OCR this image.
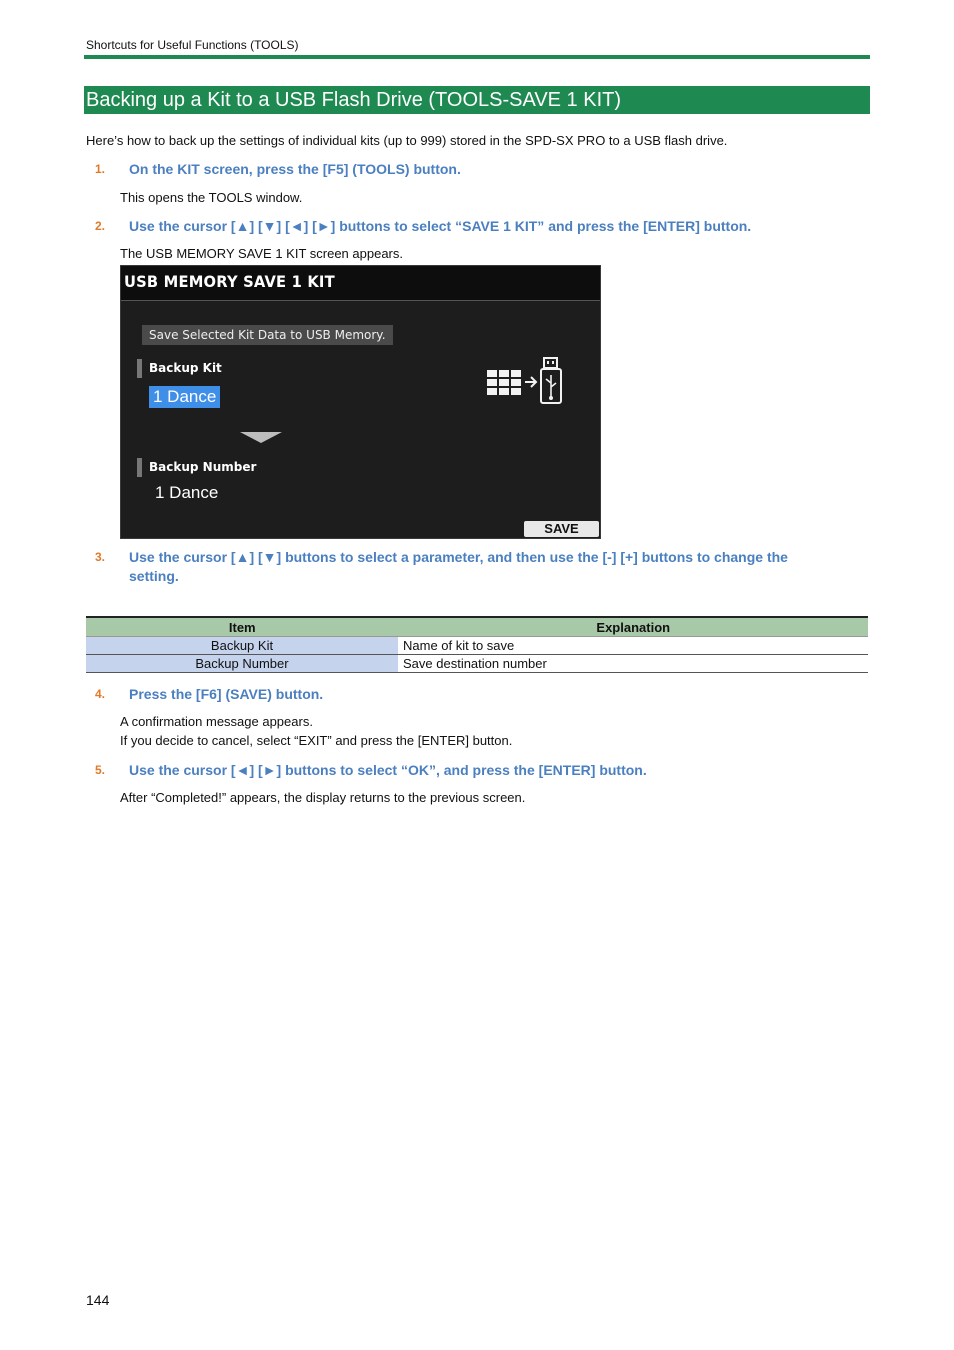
Shortcuts for Useful Functions (TOOLS)
Backing up a Kit to a USB Flash Drive (TOOLS-SAVE 1 KIT)
Here’s how to back up the settings of individual kits (up to 999) stored in the SPD-SX PRO to a USB flash drive.
1. On the KIT screen, press the [F5] (TOOLS) button.
This opens the TOOLS window.
2. Use the cursor [▲] [▼] [◄] [►] buttons to select “SAVE 1 KIT” and press the [ENTER] button.
The USB MEMORY SAVE 1 KIT screen appears.
USB MEMORY SAVE 1 KIT
Save Selected Kit Data to USB Memory.
Backup Kit
1 Dance
Backup Number
1 Dance
SAVE
3. Use the cursor [▲] [▼] buttons to select a parameter, and then use the [-] [+] buttons to change the
setting.
Item	Explanation
Backup Kit	Name of kit to save
Backup Number	Save destination number
4. Press the [F6] (SAVE) button.
A confirmation message appears.
If you decide to cancel, select “EXIT” and press the [ENTER] button.
5. Use the cursor [◄] [►] buttons to select “OK”, and press the [ENTER] button.
After “Completed!” appears, the display returns to the previous screen.
144
